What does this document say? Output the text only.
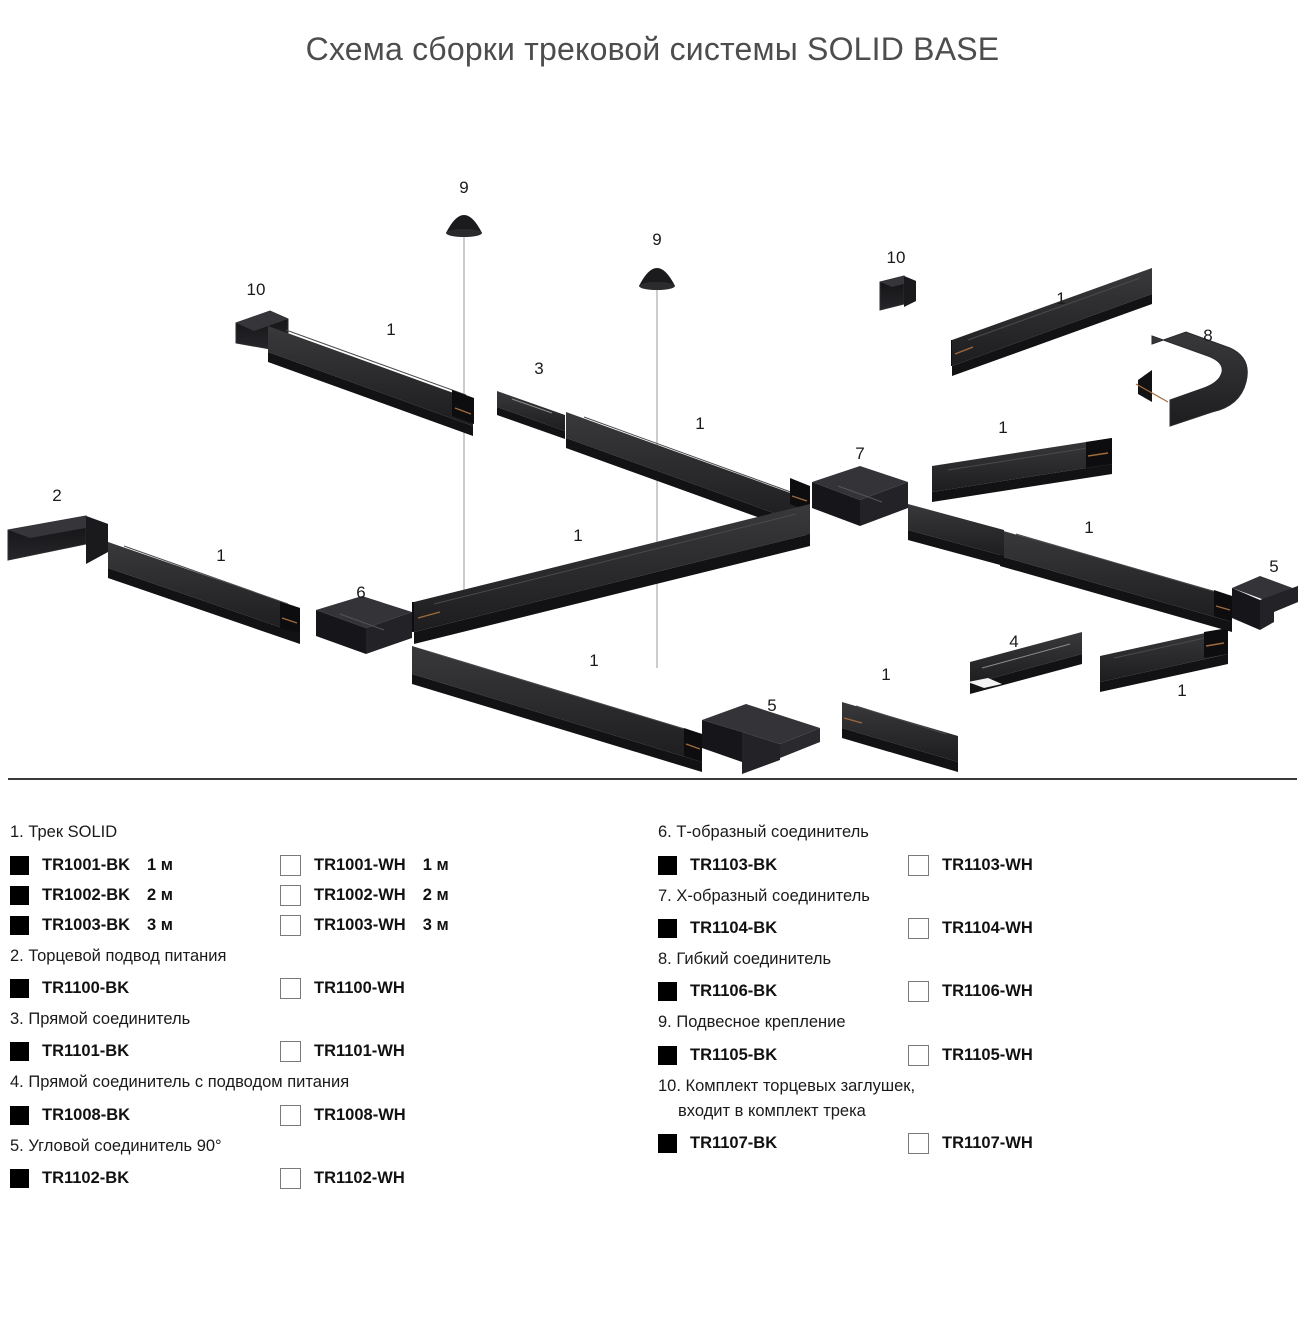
Схема сборки трековой системы SOLID BASE
9
10
1
3
9
10
1
8
1	1
7
2
1	1
1
5
6
4
1
1
1
5

1. Трек SOLID

TR1001-BK 1 м	TR1001-WH 1 м
TR1002-BK 2 м	TR1002-WH 2 м
TR1003-BK 3 м	TR1003-WH 3 м

2. Торцевой подвод питания

TR1100-BK	TR1100-WH

3. Прямой соединитель

TR1101-BK	TR1101-WH

4. Прямой соединитель с подводом питания

TR1008-BK	TR1008-WH

5. Угловой соединитель 90°

TR1102-BK	TR1102-WH

6. Т-образный соединитель

TR1103-BK	TR1103-WH

7. Х-образный соединитель

TR1104-BK	TR1104-WH

8. Гибкий соединитель

TR1106-BK	TR1106-WH

9. Подвесное крепление

TR1105-BK	TR1105-WH

10. Комплект торцевых заглушек,

входит в комплект трека

TR1107-BK	TR1107-WH
